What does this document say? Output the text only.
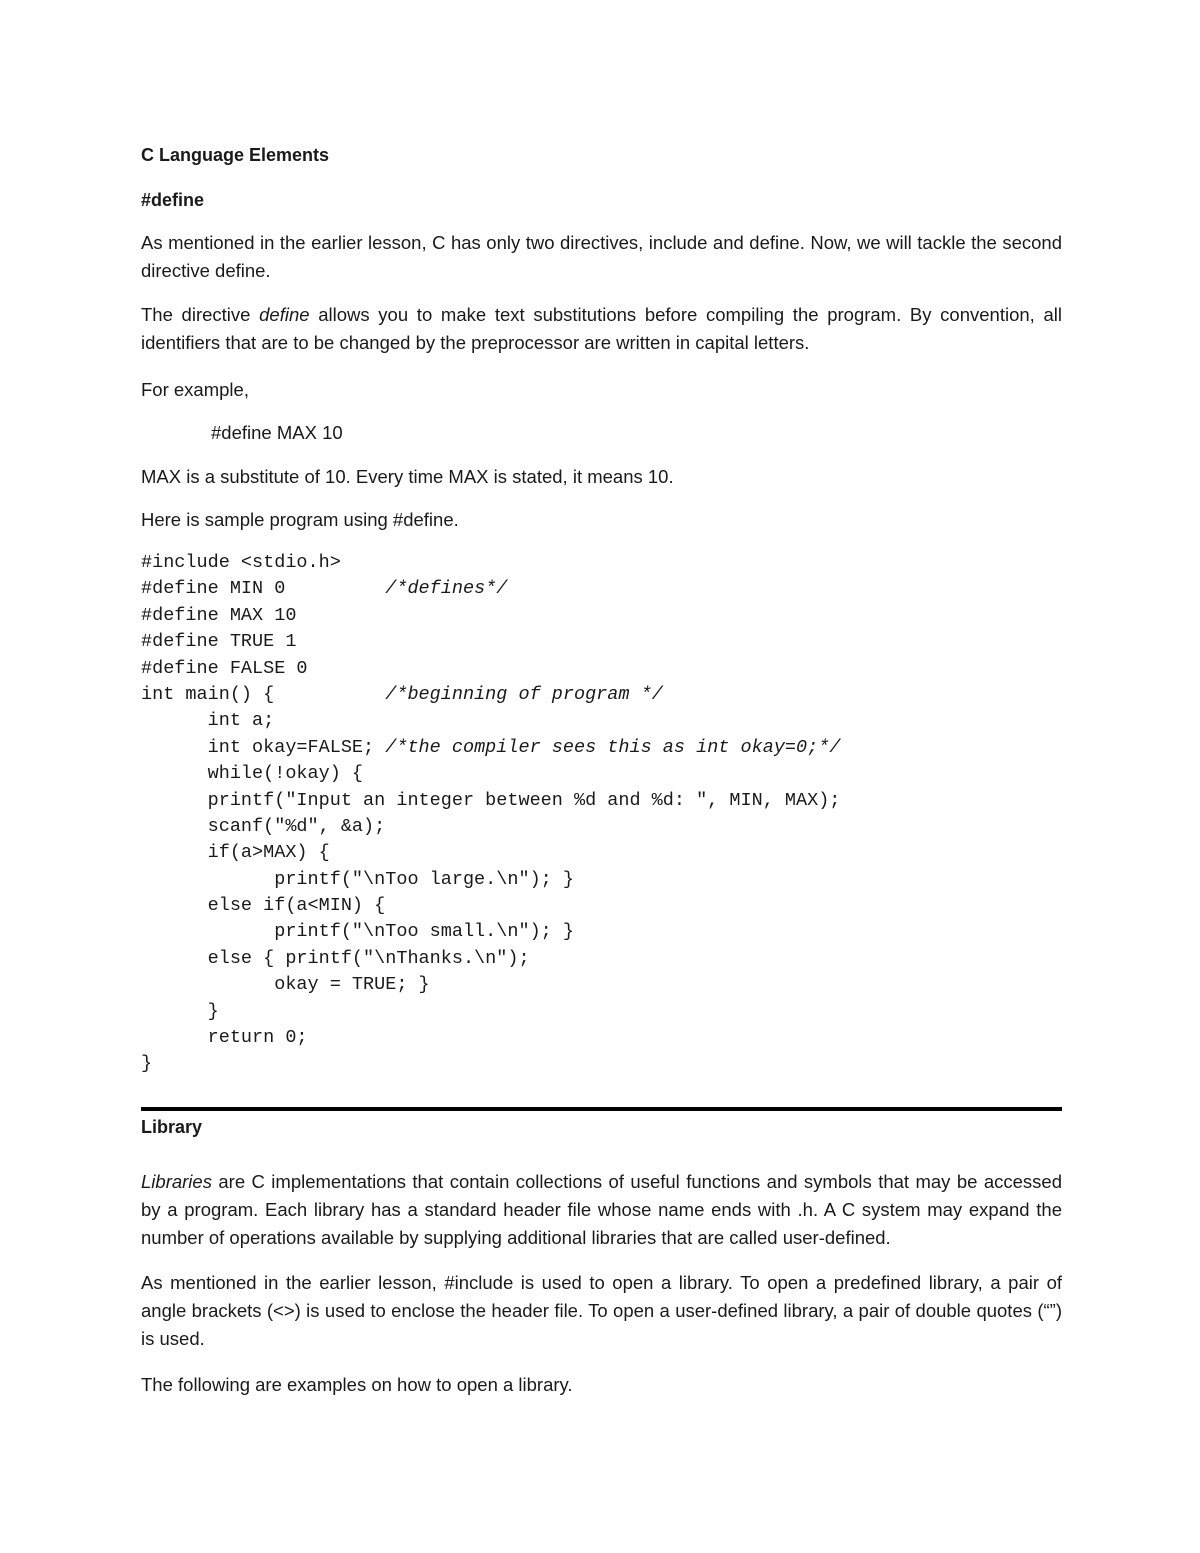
C Language Elements
#define
As mentioned in the earlier lesson, C has only two directives, include and define. Now, we will tackle the second directive define.
The directive define allows you to make text substitutions before compiling the program. By convention, all identifiers that are to be changed by the preprocessor are written in capital letters.
For example,
#define MAX 10
MAX is a substitute of 10. Every time MAX is stated, it means 10.
Here is sample program using #define.
#include <stdio.h>
#define MIN 0         /*defines*/
#define MAX 10
#define TRUE 1
#define FALSE 0
int main() {          /*beginning of program */
int a;
int okay=FALSE; /*the compiler sees this as int okay=0;*/
while(!okay) {
printf("Input an integer between %d and %d: ", MIN, MAX);
scanf("%d", &a);
if(a>MAX) {
printf("\nToo large.\n"); }
else if(a<MIN) {
printf("\nToo small.\n"); }
else { printf("\nThanks.\n");
okay = TRUE; }
}
return 0;
}
Library
Libraries are C implementations that contain collections of useful functions and symbols that may be accessed by a program. Each library has a standard header file whose name ends with .h. A C system may expand the number of operations available by supplying additional libraries that are called user-defined.
As mentioned in the earlier lesson, #include is used to open a library. To open a predefined library, a pair of angle brackets (<>) is used to enclose the header file. To open a user-defined library, a pair of double quotes (“”) is used.
The following are examples on how to open a library.
